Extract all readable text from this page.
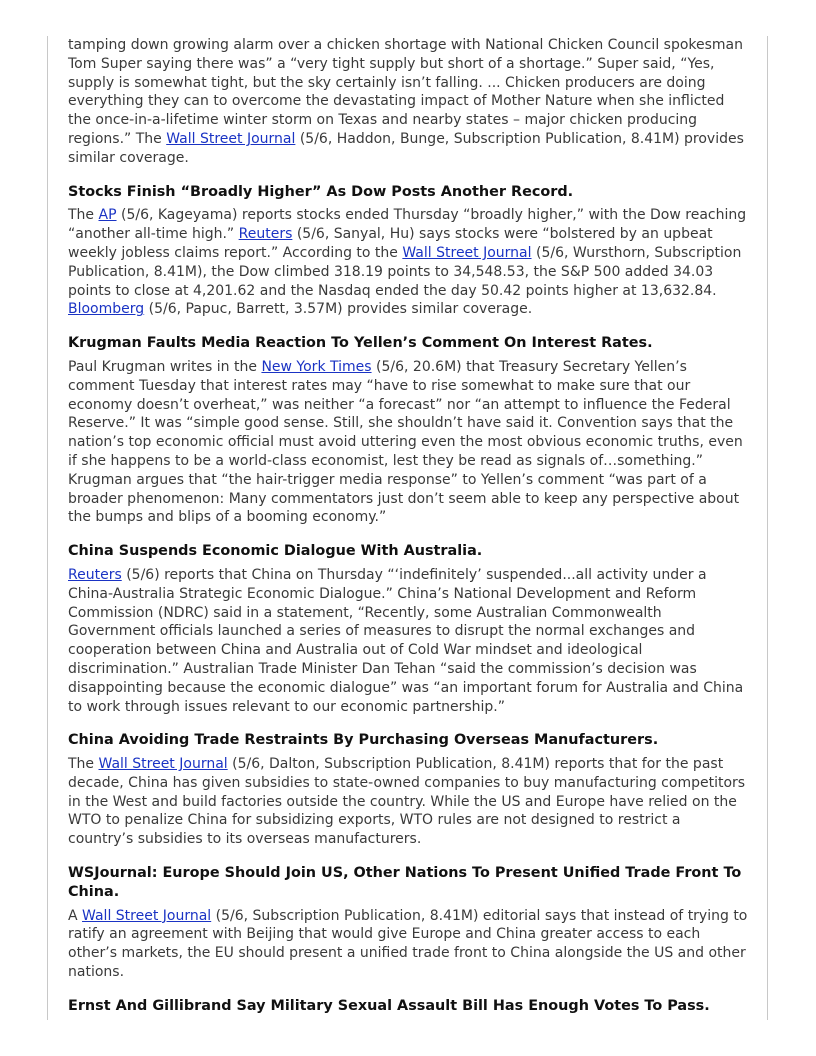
tamping down growing alarm over a chicken shortage with National Chicken Council spokesman Tom Super saying there was” a “very tight supply but short of a shortage.” Super said, “Yes, supply is somewhat tight, but the sky certainly isn’t falling. ... Chicken producers are doing everything they can to overcome the devastating impact of Mother Nature when she inflicted the once-in-a-lifetime winter storm on Texas and nearby states – major chicken producing regions.” The Wall Street Journal (5/6, Haddon, Bunge, Subscription Publication, 8.41M) provides similar coverage.

Stocks Finish “Broadly Higher” As Dow Posts Another Record.

The AP (5/6, Kageyama) reports stocks ended Thursday “broadly higher,” with the Dow reaching “another all-time high.” Reuters (5/6, Sanyal, Hu) says stocks were “bolstered by an upbeat weekly jobless claims report.” According to the Wall Street Journal (5/6, Wursthorn, Subscription Publication, 8.41M), the Dow climbed 318.19 points to 34,548.53, the S&P 500 added 34.03 points to close at 4,201.62 and the Nasdaq ended the day 50.42 points higher at 13,632.84. Bloomberg (5/6, Papuc, Barrett, 3.57M) provides similar coverage.

Krugman Faults Media Reaction To Yellen’s Comment On Interest Rates.

Paul Krugman writes in the New York Times (5/6, 20.6M) that Treasury Secretary Yellen’s comment Tuesday that interest rates may “have to rise somewhat to make sure that our economy doesn’t overheat,” was neither “a forecast” nor “an attempt to influence the Federal Reserve.” It was “simple good sense. Still, she shouldn’t have said it. Convention says that the nation’s top economic official must avoid uttering even the most obvious economic truths, even if she happens to be a world-class economist, lest they be read as signals of…something.” Krugman argues that “the hair-trigger media response” to Yellen’s comment “was part of a broader phenomenon: Many commentators just don’t seem able to keep any perspective about the bumps and blips of a booming economy.”

China Suspends Economic Dialogue With Australia.

Reuters (5/6) reports that China on Thursday “‘indefinitely’ suspended...all activity under a China-Australia Strategic Economic Dialogue.” China’s National Development and Reform Commission (NDRC) said in a statement, “Recently, some Australian Commonwealth Government officials launched a series of measures to disrupt the normal exchanges and cooperation between China and Australia out of Cold War mindset and ideological discrimination.” Australian Trade Minister Dan Tehan “said the commission’s decision was disappointing because the economic dialogue” was “an important forum for Australia and China to work through issues relevant to our economic partnership.”

China Avoiding Trade Restraints By Purchasing Overseas Manufacturers.

The Wall Street Journal (5/6, Dalton, Subscription Publication, 8.41M) reports that for the past decade, China has given subsidies to state-owned companies to buy manufacturing competitors in the West and build factories outside the country. While the US and Europe have relied on the WTO to penalize China for subsidizing exports, WTO rules are not designed to restrict a country’s subsidies to its overseas manufacturers.

WSJournal: Europe Should Join US, Other Nations To Present Unified Trade Front To China.

A Wall Street Journal (5/6, Subscription Publication, 8.41M) editorial says that instead of trying to ratify an agreement with Beijing that would give Europe and China greater access to each other’s markets, the EU should present a unified trade front to China alongside the US and other nations.

Ernst And Gillibrand Say Military Sexual Assault Bill Has Enough Votes To Pass.
